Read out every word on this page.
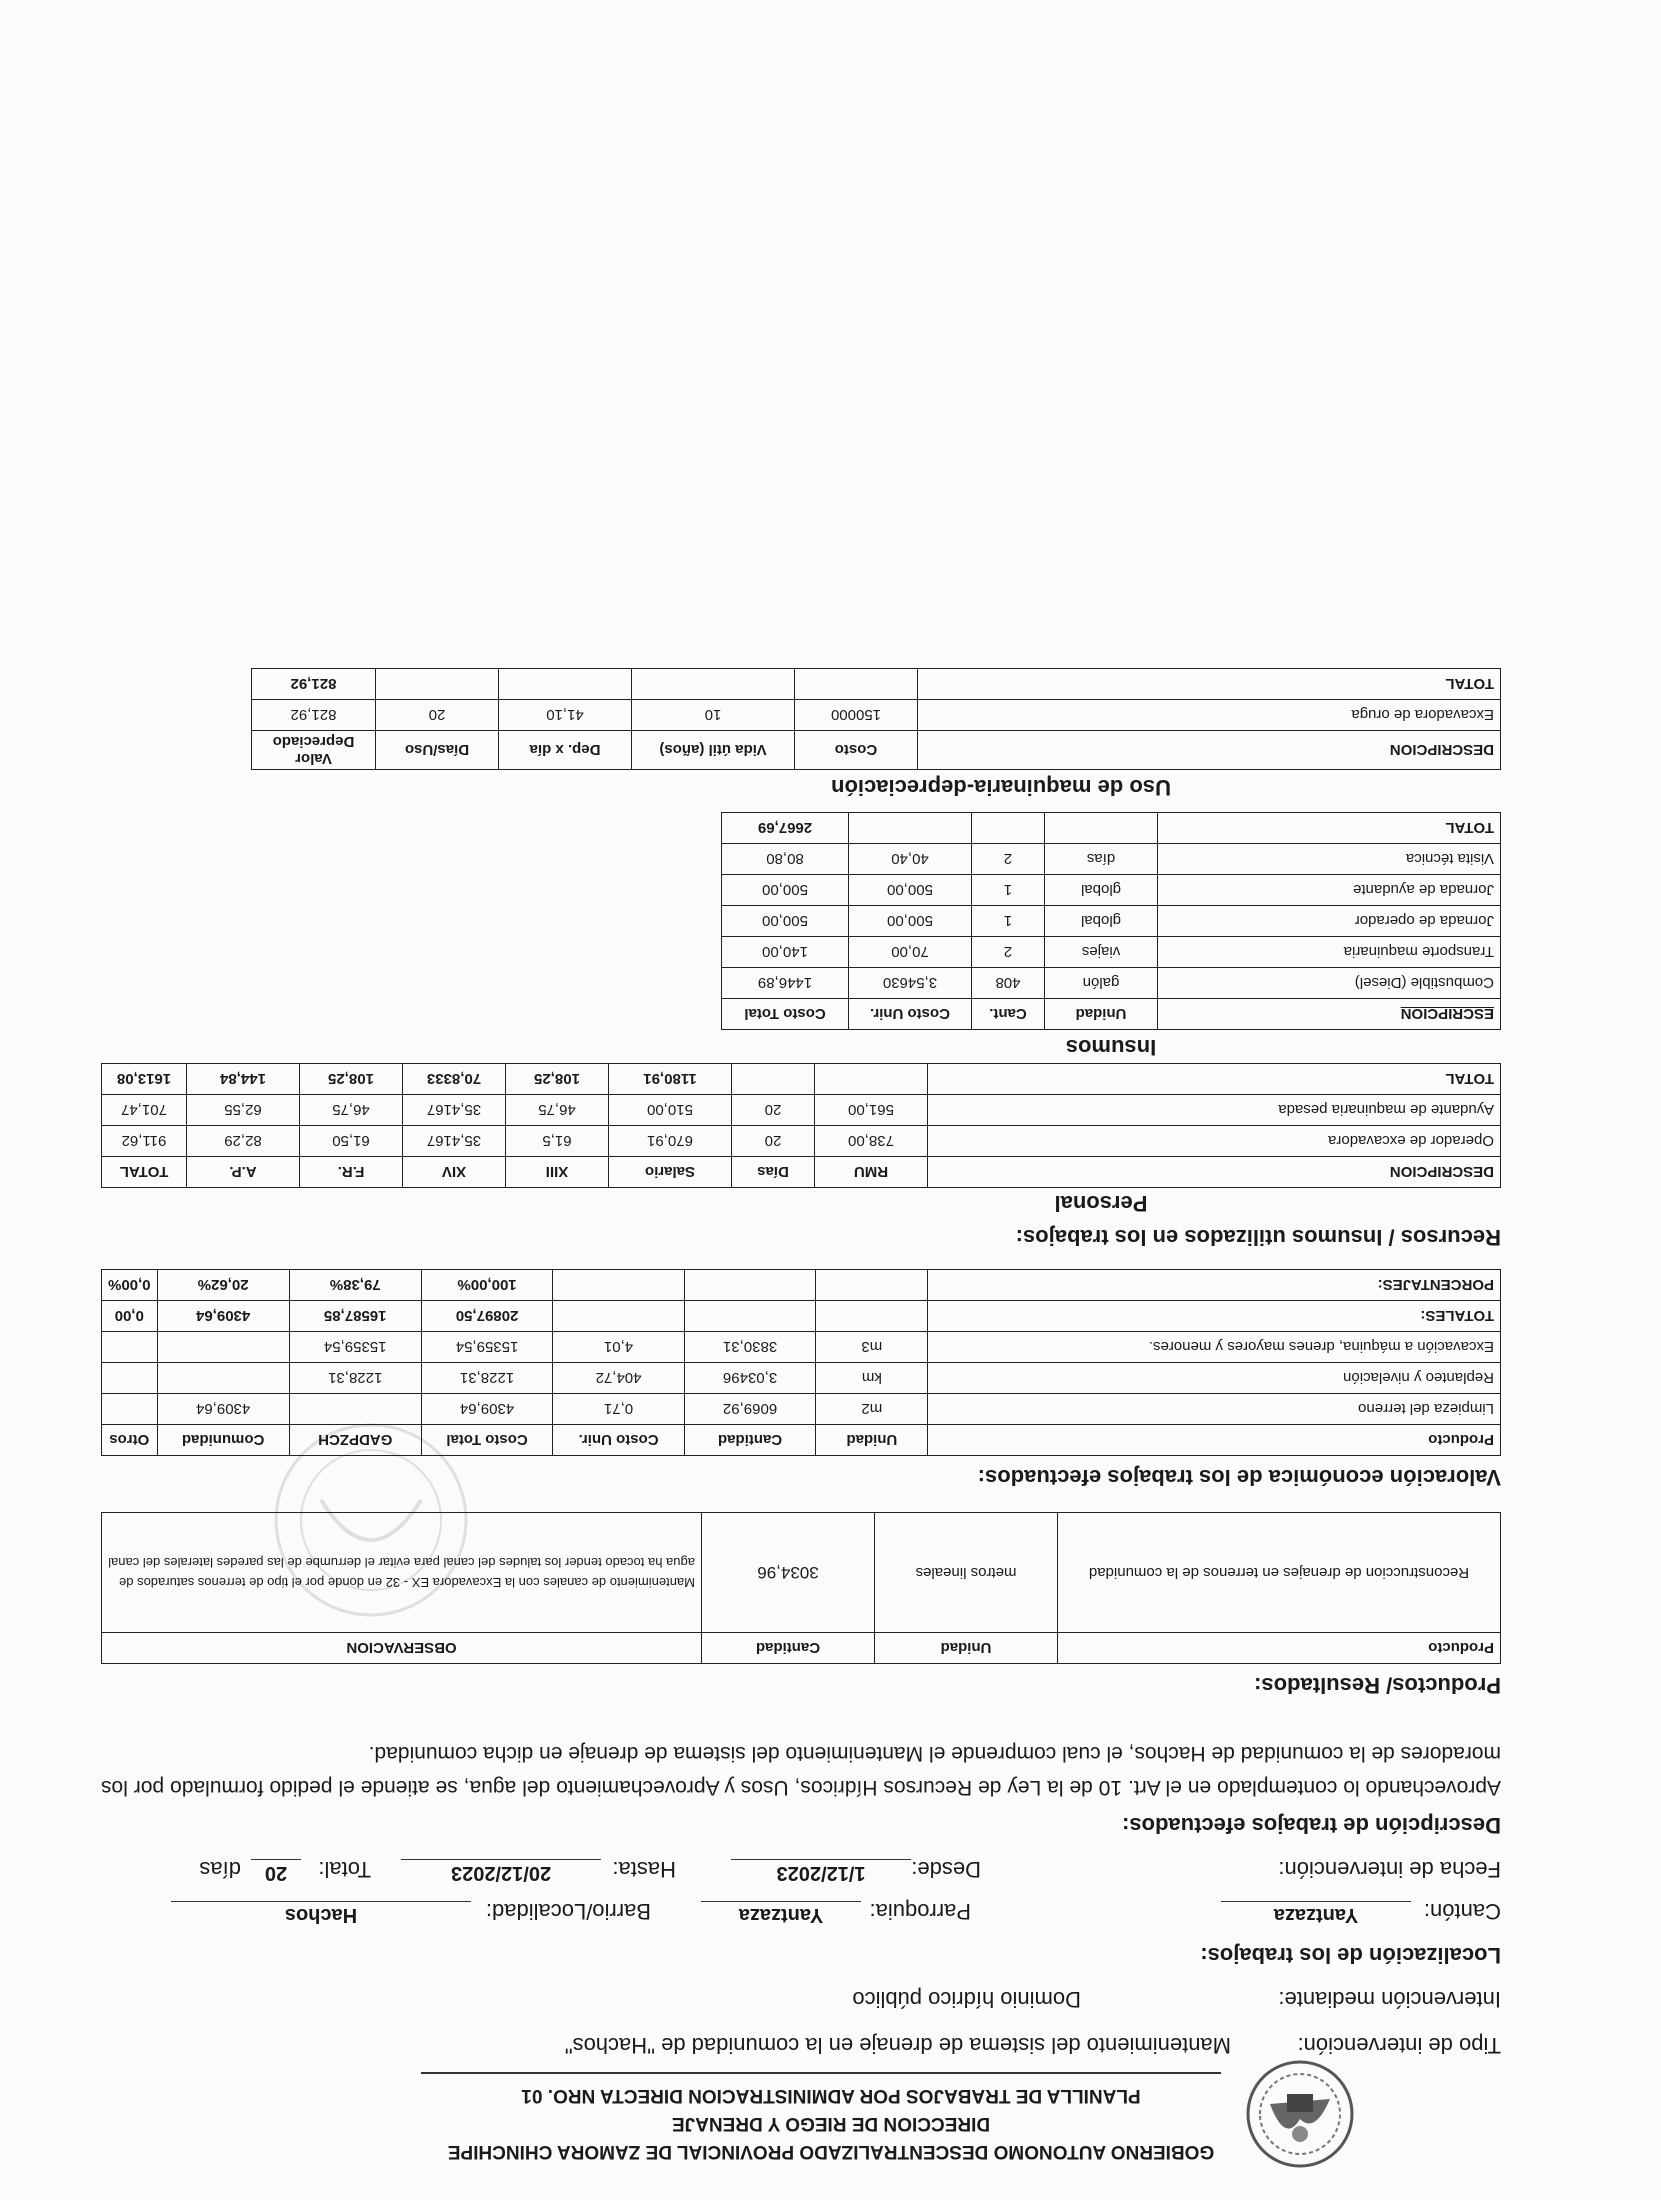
GOBIERNO AUTONOMO DESCENTRALIZADO PROVINCIAL DE ZAMORA CHINCHIPE
DIRECCION DE RIEGO Y DRENAJE
PLANILLA DE TRABAJOS POR ADMINISTRACION DIRECTA NRO. 01
Tipo de intervención:
Mantenimiento del sistema de drenaje en la comunidad de "Hachos"
Intervención mediante:
Dominio hídrico público
Localización de los trabajos:
Cantón:
Yantzaza
Parroquia:
Yantzaza
Barrio/Localidad:
Hachos
Fecha de intervención:
Desde:
1/12/2023
Hasta:
20/12/2023
Total:
20
días
Descripción de trabajos efectuados:
Aprovechando lo contemplado en el Art. 10 de la Ley de Recursos Hídricos, Usos y Aprovechamiento del agua, se atiende el pedido formulado por los moradores de la comunidad de Hachos, el cual comprende el Mantenimiento del sistema de drenaje en dicha comunidad.
Productos/ Resultados:
Producto	Unidad	Cantidad	OBSERVACION
Reconstruccion de drenajes en terrenos de la comunidad	metros lineales	3034,96	Mantenimiento de canales con la Excavadora EX - 32 en donde por el tipo de terrenos saturados de agua ha tocado tender los taludes del canal para evitar el derrumbe de las paredes laterales del canal
Valoración económica de los trabajos efectuados:
Producto	Unidad	Cantidad	Costo Unir.	Costo Total	GADPZCH	Comunidad	Otros
Limpieza del terreno	m2	6069,92	0,71	4309,64		4309,64	
Replanteo y nivelación	km	3,03496	404,72	1228,31	1228,31		
Excavación a máquina, drenes mayores y menores.	m3	3830,31	4,01	15359,54	15359,54		
TOTALES:				20897,50	16587,85	4309,64	0,00
PORCENTAJES:				100,00%	79,38%	20,62%	0,00%
Recursos / Insumos utilizados en los trabajos:
Personal
DESCRIPCION	RMU	Días	Salario	XIII	XIV	F.R.	A.P.	TOTAL
Operador de excavadora	738,00	20	670,91	61,5	35,4167	61,50	82,29	911,62
Ayudante de maquinaria pesada	561,00	20	510,00	46,75	35,4167	46,75	62,55	701,47
TOTAL			1180,91	108,25	70,8333	108,25	144,84	1613,08
Insumos
ESCRIPCION	Unidad	Cant.	Costo Unir.	Costo Total
Combustible (Diesel)	galón	408	3,54630	1446,89
Transporte maquinaria	viajes	2	70,00	140,00
Jornada de operador	global	1	500,00	500,00
Jornada de ayudante	global	1	500,00	500,00
Visita técnica	días	2	40,40	80,80
TOTAL				2667,69
Uso de maquinaria-depreciación
DESCRIPCION	Costo	Vida útil (años)	Dep. x día	Días/Uso	Valor Depreciado
Excavadora de oruga	150000	10	41,10	20	821,92
TOTAL					821,92
